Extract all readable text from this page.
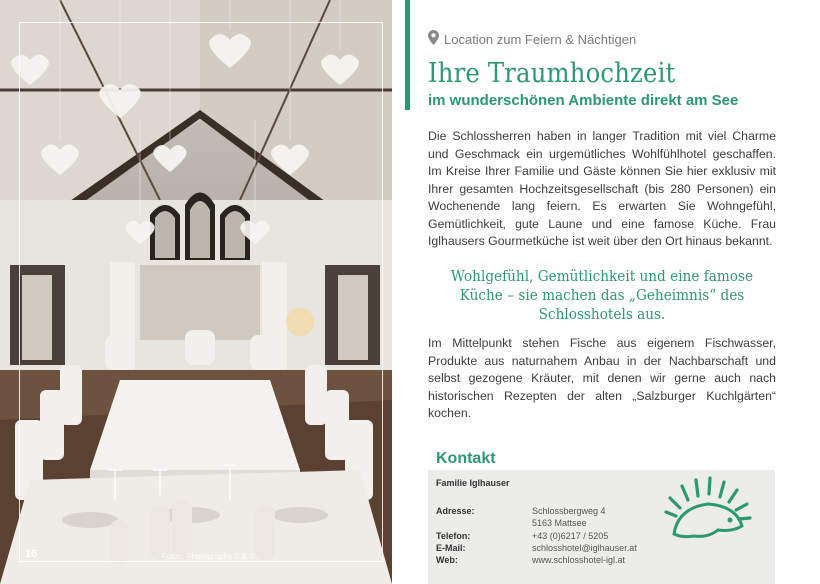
16	Fotos: Photography S & S
Location zum Feiern & Nächtigen
Ihre Traumhochzeit
im wunderschönen Ambiente direkt am See

Die Schlossherren haben in langer Tradition mit viel Charme und Geschmack ein urgemütliches Wohlfühlhotel geschaffen. Im Kreise Ihrer Familie und Gäste können Sie hier exklusiv mit Ihrer gesamten Hochzeitsgesellschaft (bis 280 Personen) ein Wochenende lang feiern. Es erwarten Sie Wohngefühl, Gemütlichkeit, gute Laune und eine famose Küche. Frau Iglhausers Gourmetküche ist weit über den Ort hinaus bekannt.

Wohlgefühl, Gemütlichkeit und eine famose Küche – sie machen das „Geheimnis“ des Schlosshotels aus.

Im Mittelpunkt stehen Fische aus eigenem Fischwasser, Produkte aus naturnahem Anbau in der Nachbarschaft und selbst gezogene Kräuter, mit denen wir gerne auch nach historischen Rezepten der alten „Salzburger Kuchlgärten“ kochen.

Kontakt
Familie Iglhauser
Adresse:	Schlossbergweg 4
5163 Mattsee
Telefon:	+43 (0)6217 / 5205
E-Mail:	schlosshotel@iglhauser.at
Web:	www.schlosshotel-igl.at
